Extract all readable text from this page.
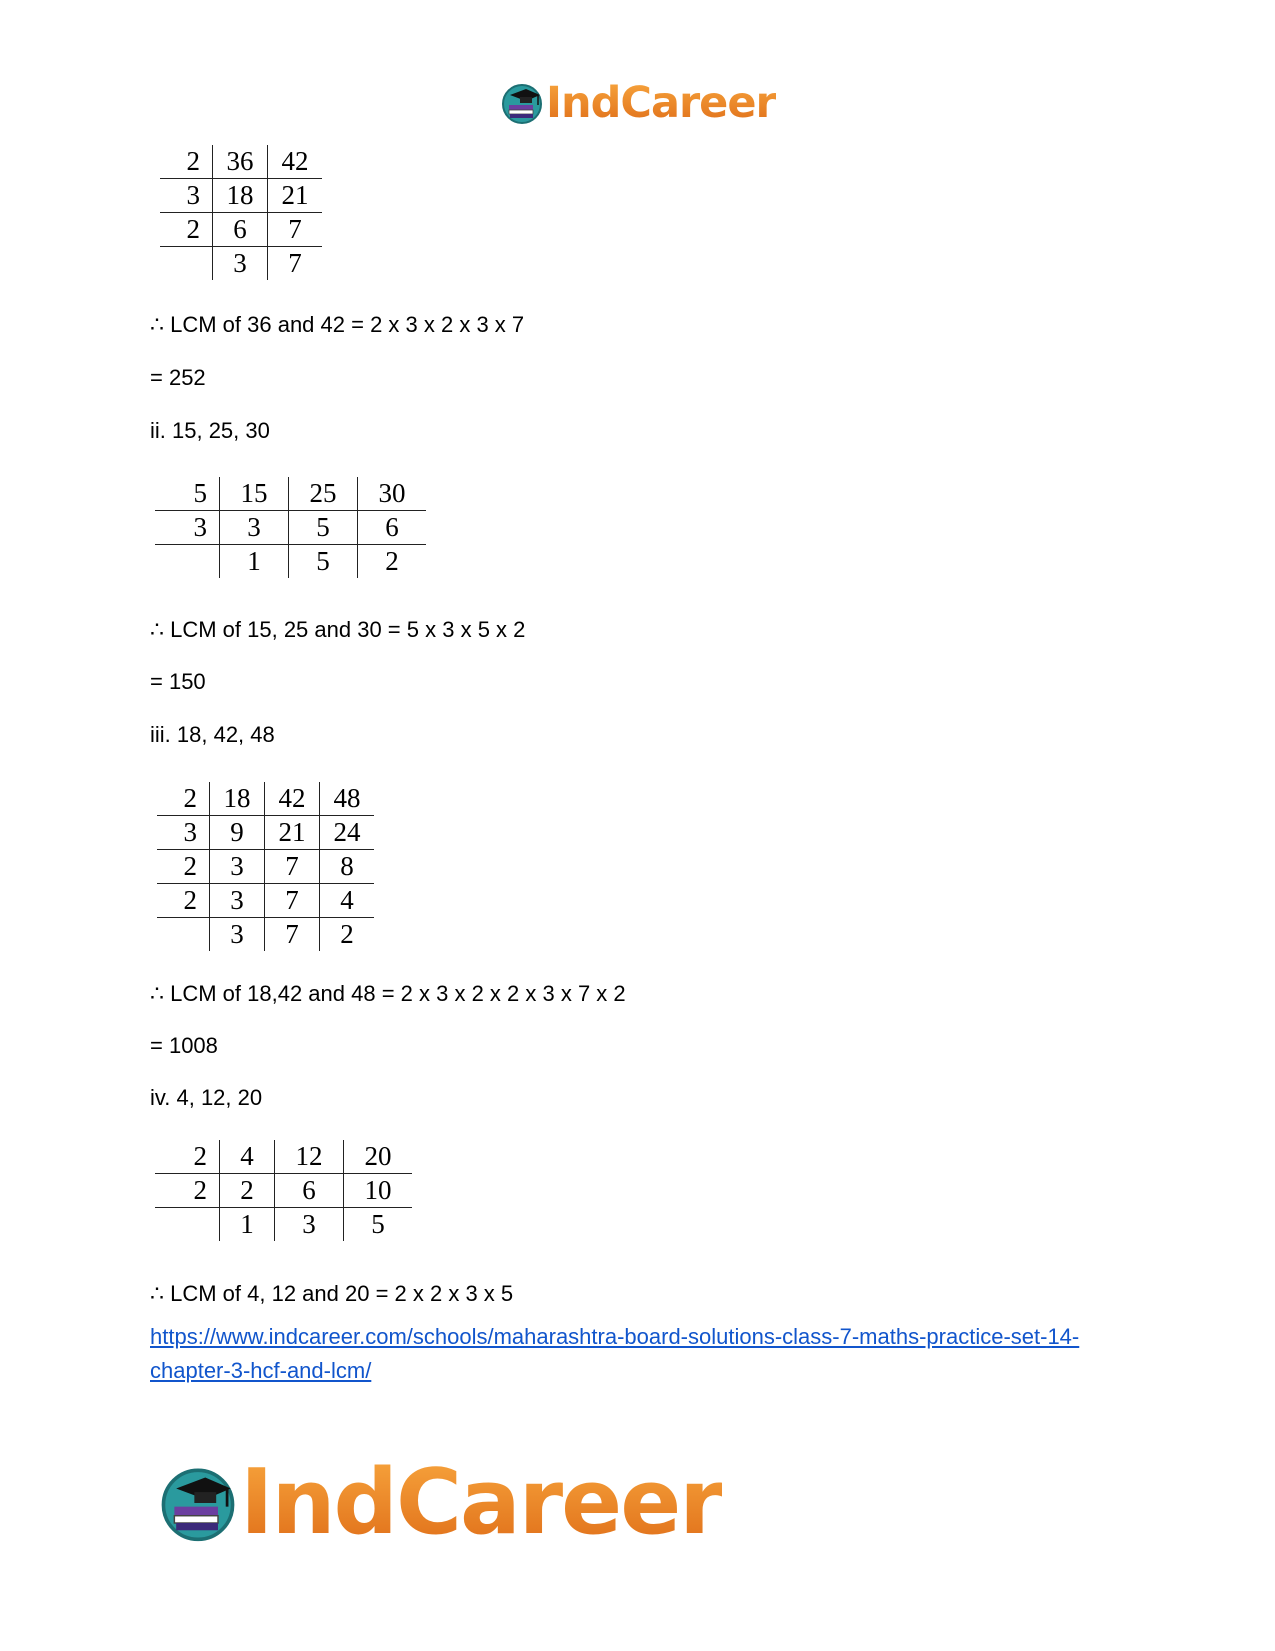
IndCareer
2	36	42
3	18	21
2	6	7
	3	7
∴ LCM of 36 and 42 = 2 x 3 x 2 x 3 x 7
= 252
ii. 15, 25, 30
5	15	25	30
3	3	5	6
	1	5	2
∴ LCM of 15, 25 and 30 = 5 x 3 x 5 x 2
= 150
iii. 18, 42, 48
2	18	42	48
3	9	21	24
2	3	7	8
2	3	7	4
	3	7	2
∴ LCM of 18,42 and 48 = 2 x 3 x 2 x 2 x 3 x 7 x 2
= 1008
iv. 4, 12, 20
2	4	12	20
2	2	6	10
	1	3	5
∴ LCM of 4, 12 and 20 = 2 x 2 x 3 x 5
https://www.indcareer.com/schools/maharashtra-board-solutions-class-7-maths-practice-set-14-chapter-3-hcf-and-lcm/
IndCareer
